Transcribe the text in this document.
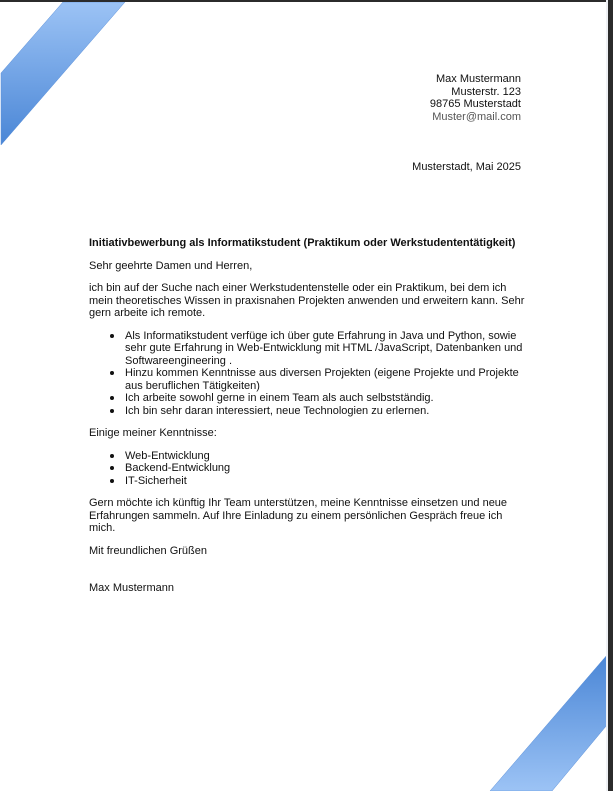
Max Mustermann
Musterstr. 123
98765 Musterstadt
Muster@mail.com
Musterstadt, Mai 2025
Initiativbewerbung als Informatikstudent (Praktikum oder Werkstudententätigkeit)

Sehr geehrte Damen und Herren,

ich bin auf der Suche nach einer Werkstudentenstelle oder ein Praktikum, bei dem ich mein theoretisches Wissen in praxisnahen Projekten anwenden und erweitern kann. Sehr gern arbeite ich remote.

Als Informatikstudent verfüge ich über gute Erfahrung in Java und Python, sowie sehr gute Erfahrung in Web-Entwicklung mit HTML /JavaScript, Datenbanken und Softwareengineering .
Hinzu kommen Kenntnisse aus diversen Projekten (eigene Projekte und Projekte aus beruflichen Tätigkeiten)
Ich arbeite sowohl gerne in einem Team als auch selbstständig.
Ich bin sehr daran interessiert, neue Technologien zu erlernen.

Einige meiner Kenntnisse:

Web-Entwicklung
Backend-Entwicklung
IT-Sicherheit

Gern möchte ich künftig Ihr Team unterstützen, meine Kenntnisse einsetzen und neue Erfahrungen sammeln. Auf Ihre Einladung zu einem persönlichen Gespräch freue ich mich.

Mit freundlichen Grüßen

Max Mustermann
